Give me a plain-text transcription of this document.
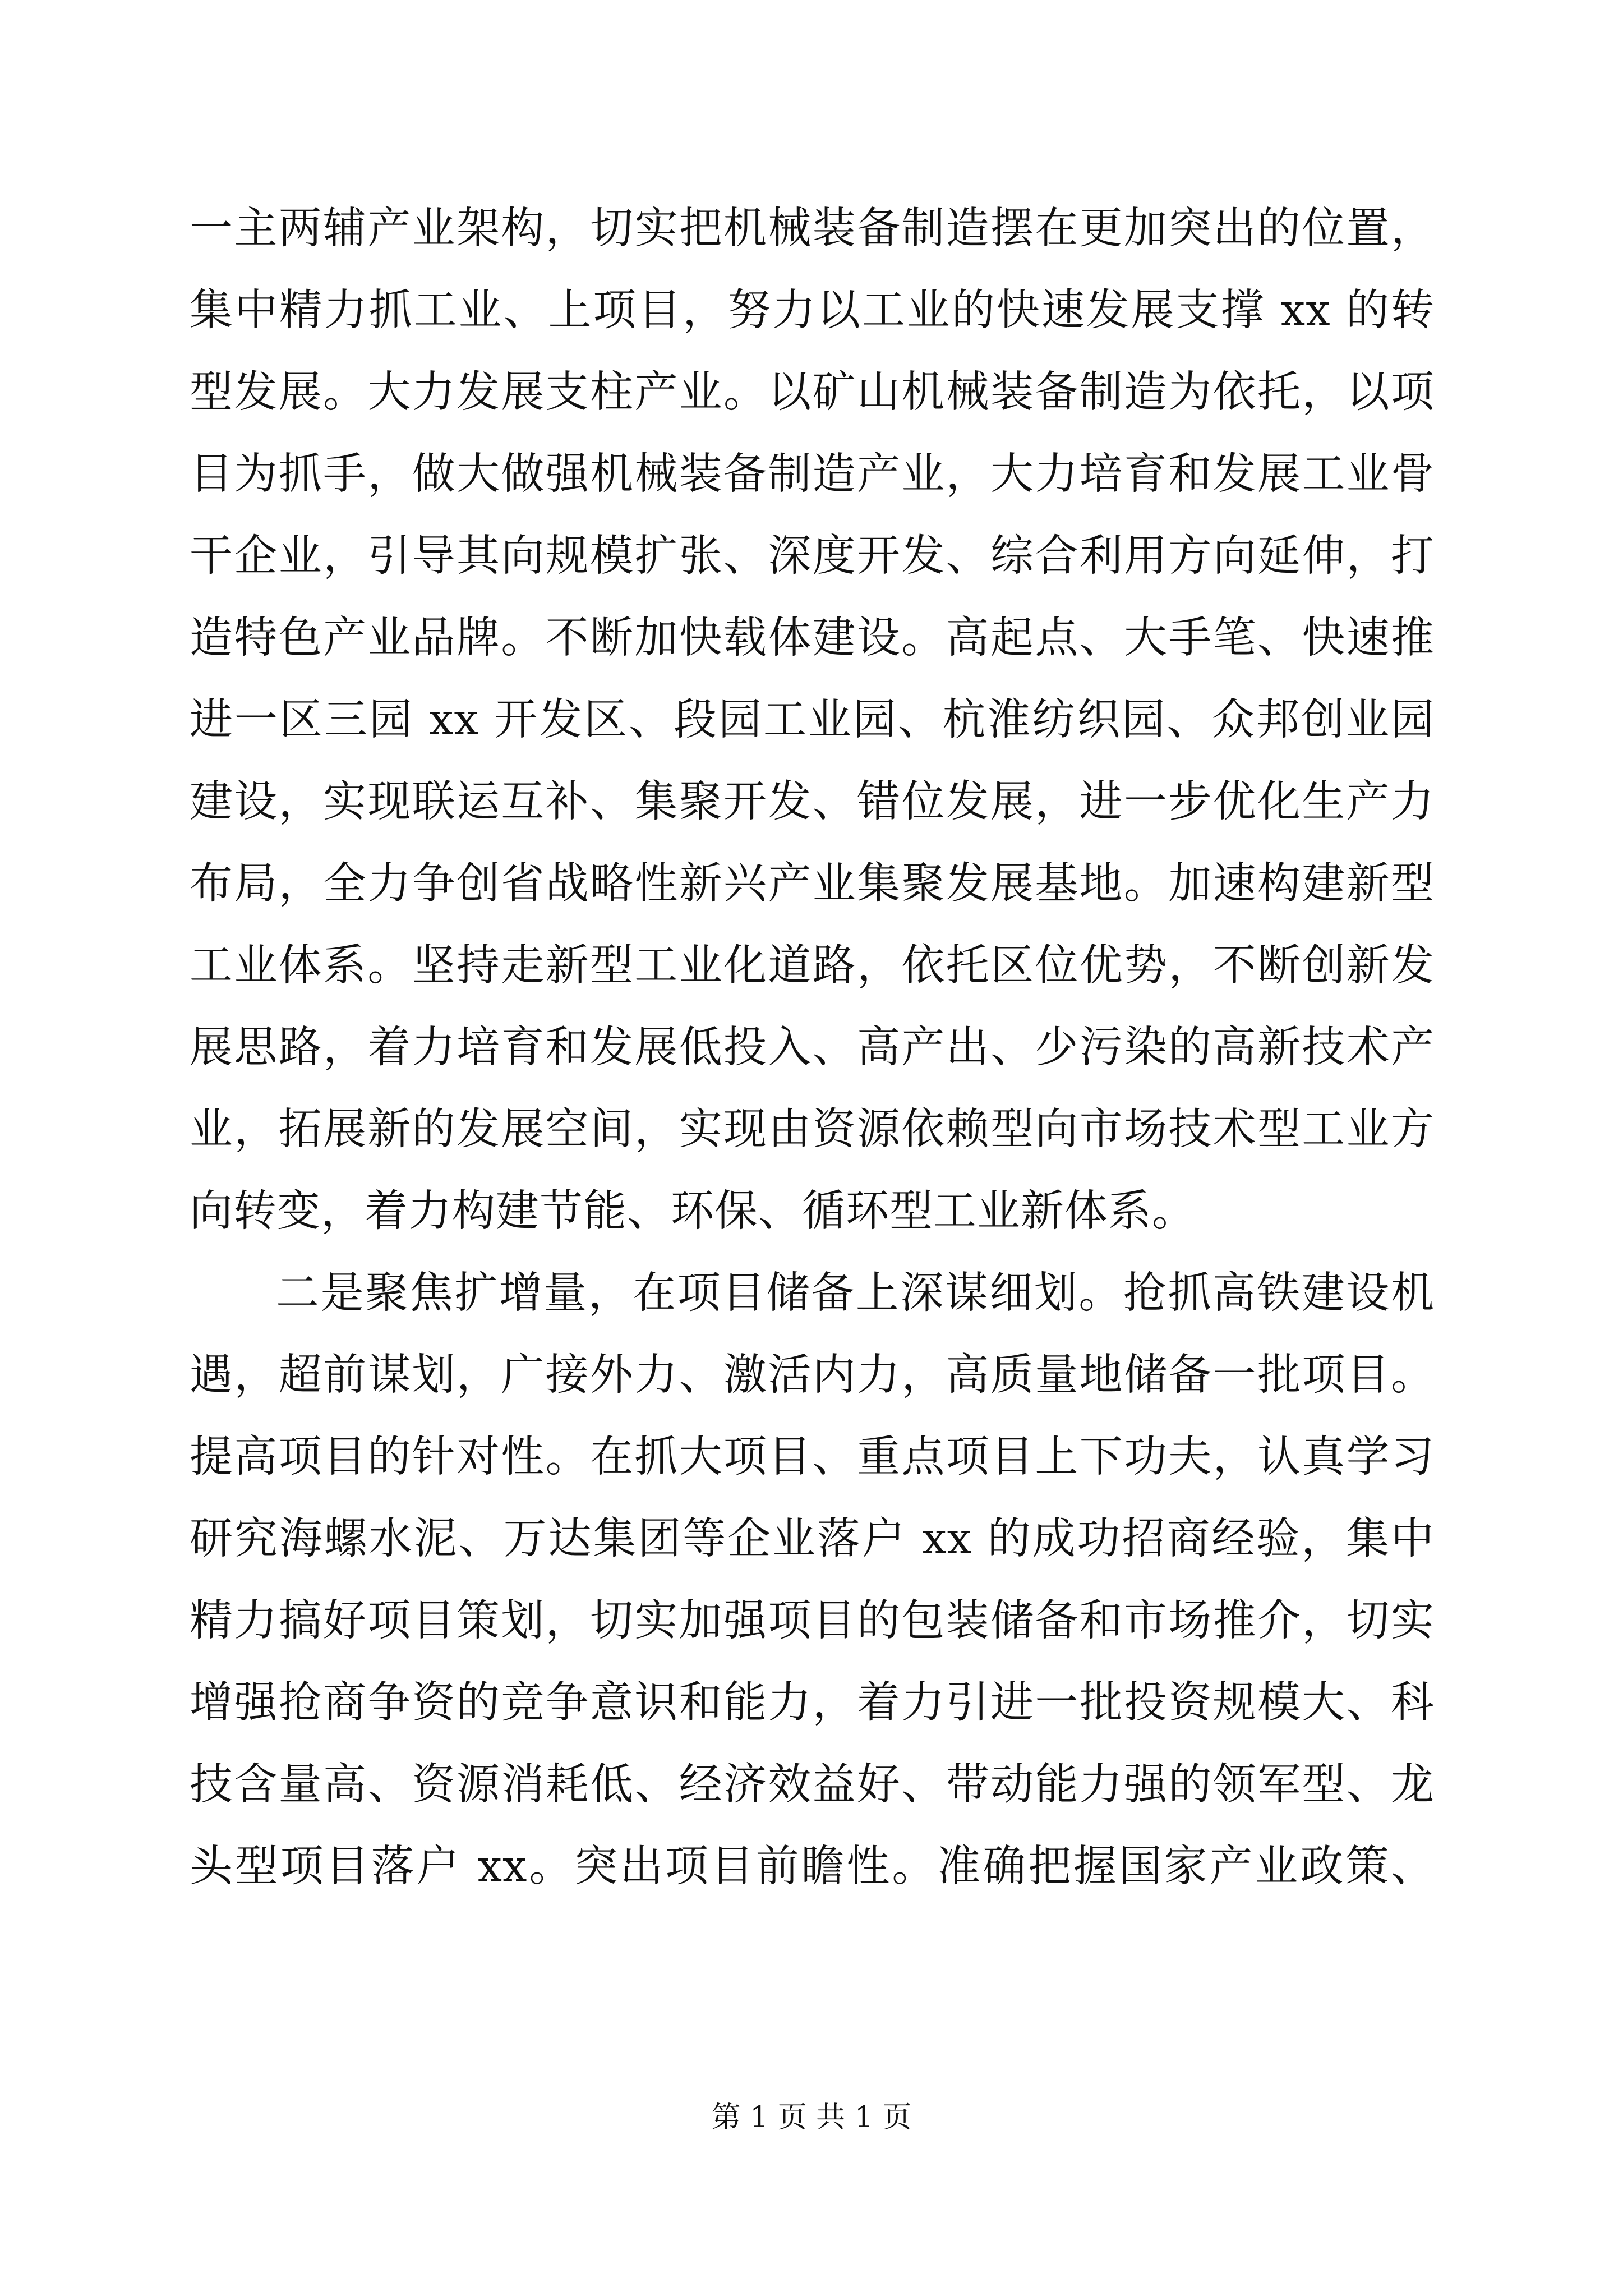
一主两辅产业架构，切实把机械装备制造摆在更加突出的位置，
集中精力抓工业、上项目，努力以工业的快速发展支撑 xx 的转
型发展。大力发展支柱产业。以矿山机械装备制造为依托，以项
目为抓手，做大做强机械装备制造产业，大力培育和发展工业骨
干企业，引导其向规模扩张、深度开发、综合利用方向延伸，打
造特色产业品牌。不断加快载体建设。高起点、大手笔、快速推
进一区三园 xx 开发区、段园工业园、杭淮纺织园、众邦创业园
建设，实现联运互补、集聚开发、错位发展，进一步优化生产力
布局，全力争创省战略性新兴产业集聚发展基地。加速构建新型
工业体系。坚持走新型工业化道路，依托区位优势，不断创新发
展思路，着力培育和发展低投入、高产出、少污染的高新技术产
业，拓展新的发展空间，实现由资源依赖型向市场技术型工业方
向转变，着力构建节能、环保、循环型工业新体系。
二是聚焦扩增量，在项目储备上深谋细划。抢抓高铁建设机
遇，超前谋划，广接外力、激活内力，高质量地储备一批项目。
提高项目的针对性。在抓大项目、重点项目上下功夫，认真学习
研究海螺水泥、万达集团等企业落户 xx 的成功招商经验，集中
精力搞好项目策划，切实加强项目的包装储备和市场推介，切实
增强抢商争资的竞争意识和能力，着力引进一批投资规模大、科
技含量高、资源消耗低、经济效益好、带动能力强的领军型、龙
头型项目落户 xx。突出项目前瞻性。准确把握国家产业政策、
第 1 页 共 1 页
